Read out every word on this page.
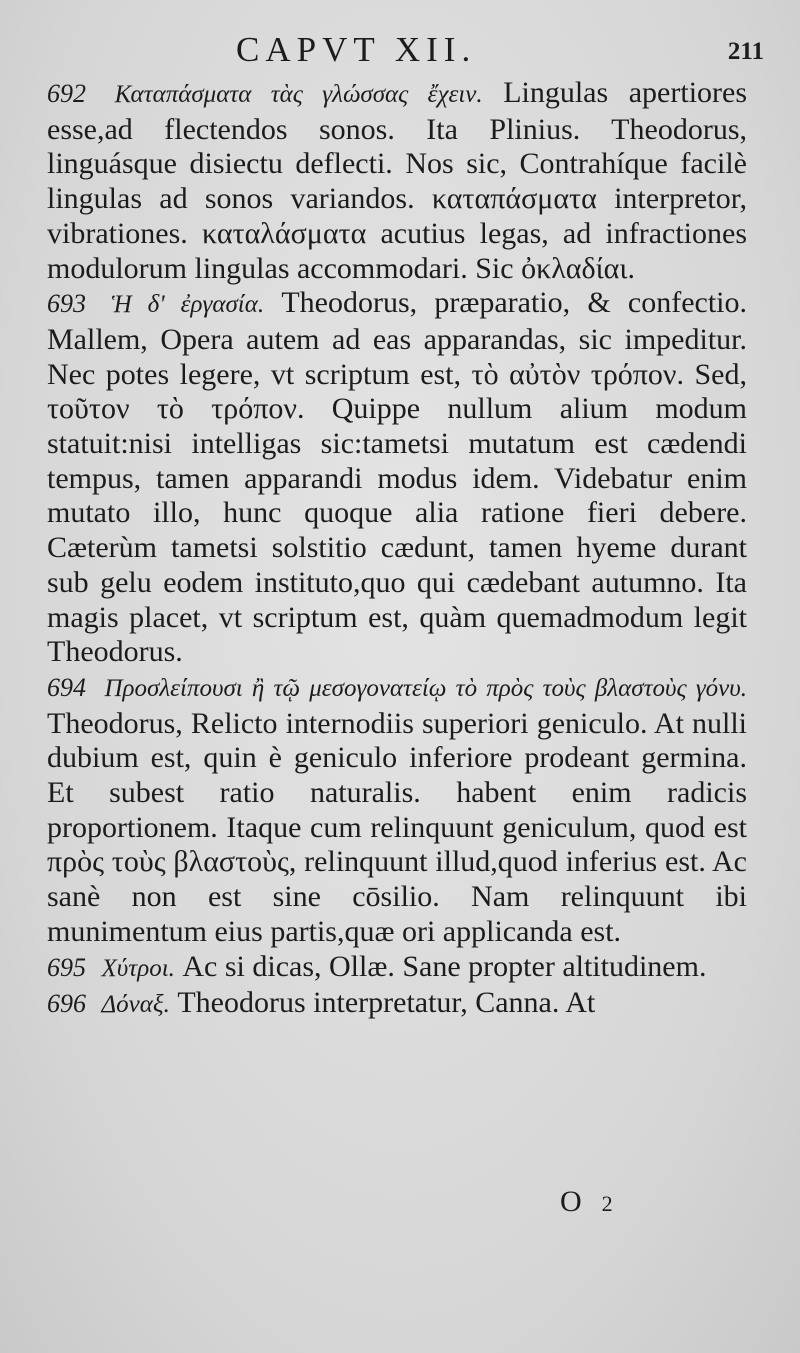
CAPVT XII.	211

692 Καταπάσματα τὰς γλώσσας ἔχειν. Lingulas apertiores esse,ad flectendos sonos. Ita Plinius. Theodorus, linguásque disiectu deflecti. Nos sic, Contrahíque facilè lingulas ad sonos variandos. καταπάσματα interpretor, vibrationes. καταλάσματα acutius legas, ad infractiones modulorum lingulas accommodari. Sic ὀκλαδίαι.

693 Ἡ δ' ἐργασία. Theodorus, præparatio, & confectio. Mallem, Opera autem ad eas apparandas, sic impeditur. Nec potes legere, vt scriptum est, τὸ αὐτὸν τρόπον. Sed, τοῦτον τὸ τρόπον. Quippe nullum alium modum statuit:nisi intelligas sic:tametsi mutatum est cædendi tempus, tamen apparandi modus idem. Videbatur enim mutato illo, hunc quoque alia ratione fieri debere. Cæterùm tametsi solstitio cædunt, tamen hyeme durant sub gelu eodem instituto,quo qui cædebant autumno. Ita magis placet, vt scriptum est, quàm quemadmodum legit Theodorus.

694 Προσλείπουσι ἢ τῷ μεσογονατείῳ τὸ πρὸς τοὺς βλαστοὺς γόνυ. Theodorus, Relicto internodiis superiori geniculo. At nulli dubium est, quin è geniculo inferiore prodeant germina. Et subest ratio naturalis. habent enim radicis proportionem. Itaque cum relinquunt geniculum, quod est πρὸς τοὺς βλαστοὺς, relinquunt illud,quod inferius est. Ac sanè non est sine cōsilio. Nam relinquunt ibi munimentum eius partis,quæ ori applicanda est.

695 Χύτροι. Ac si dicas, Ollæ. Sane propter altitudinem.

696 Δόναξ. Theodorus interpretatur, Canna. At

O 2
